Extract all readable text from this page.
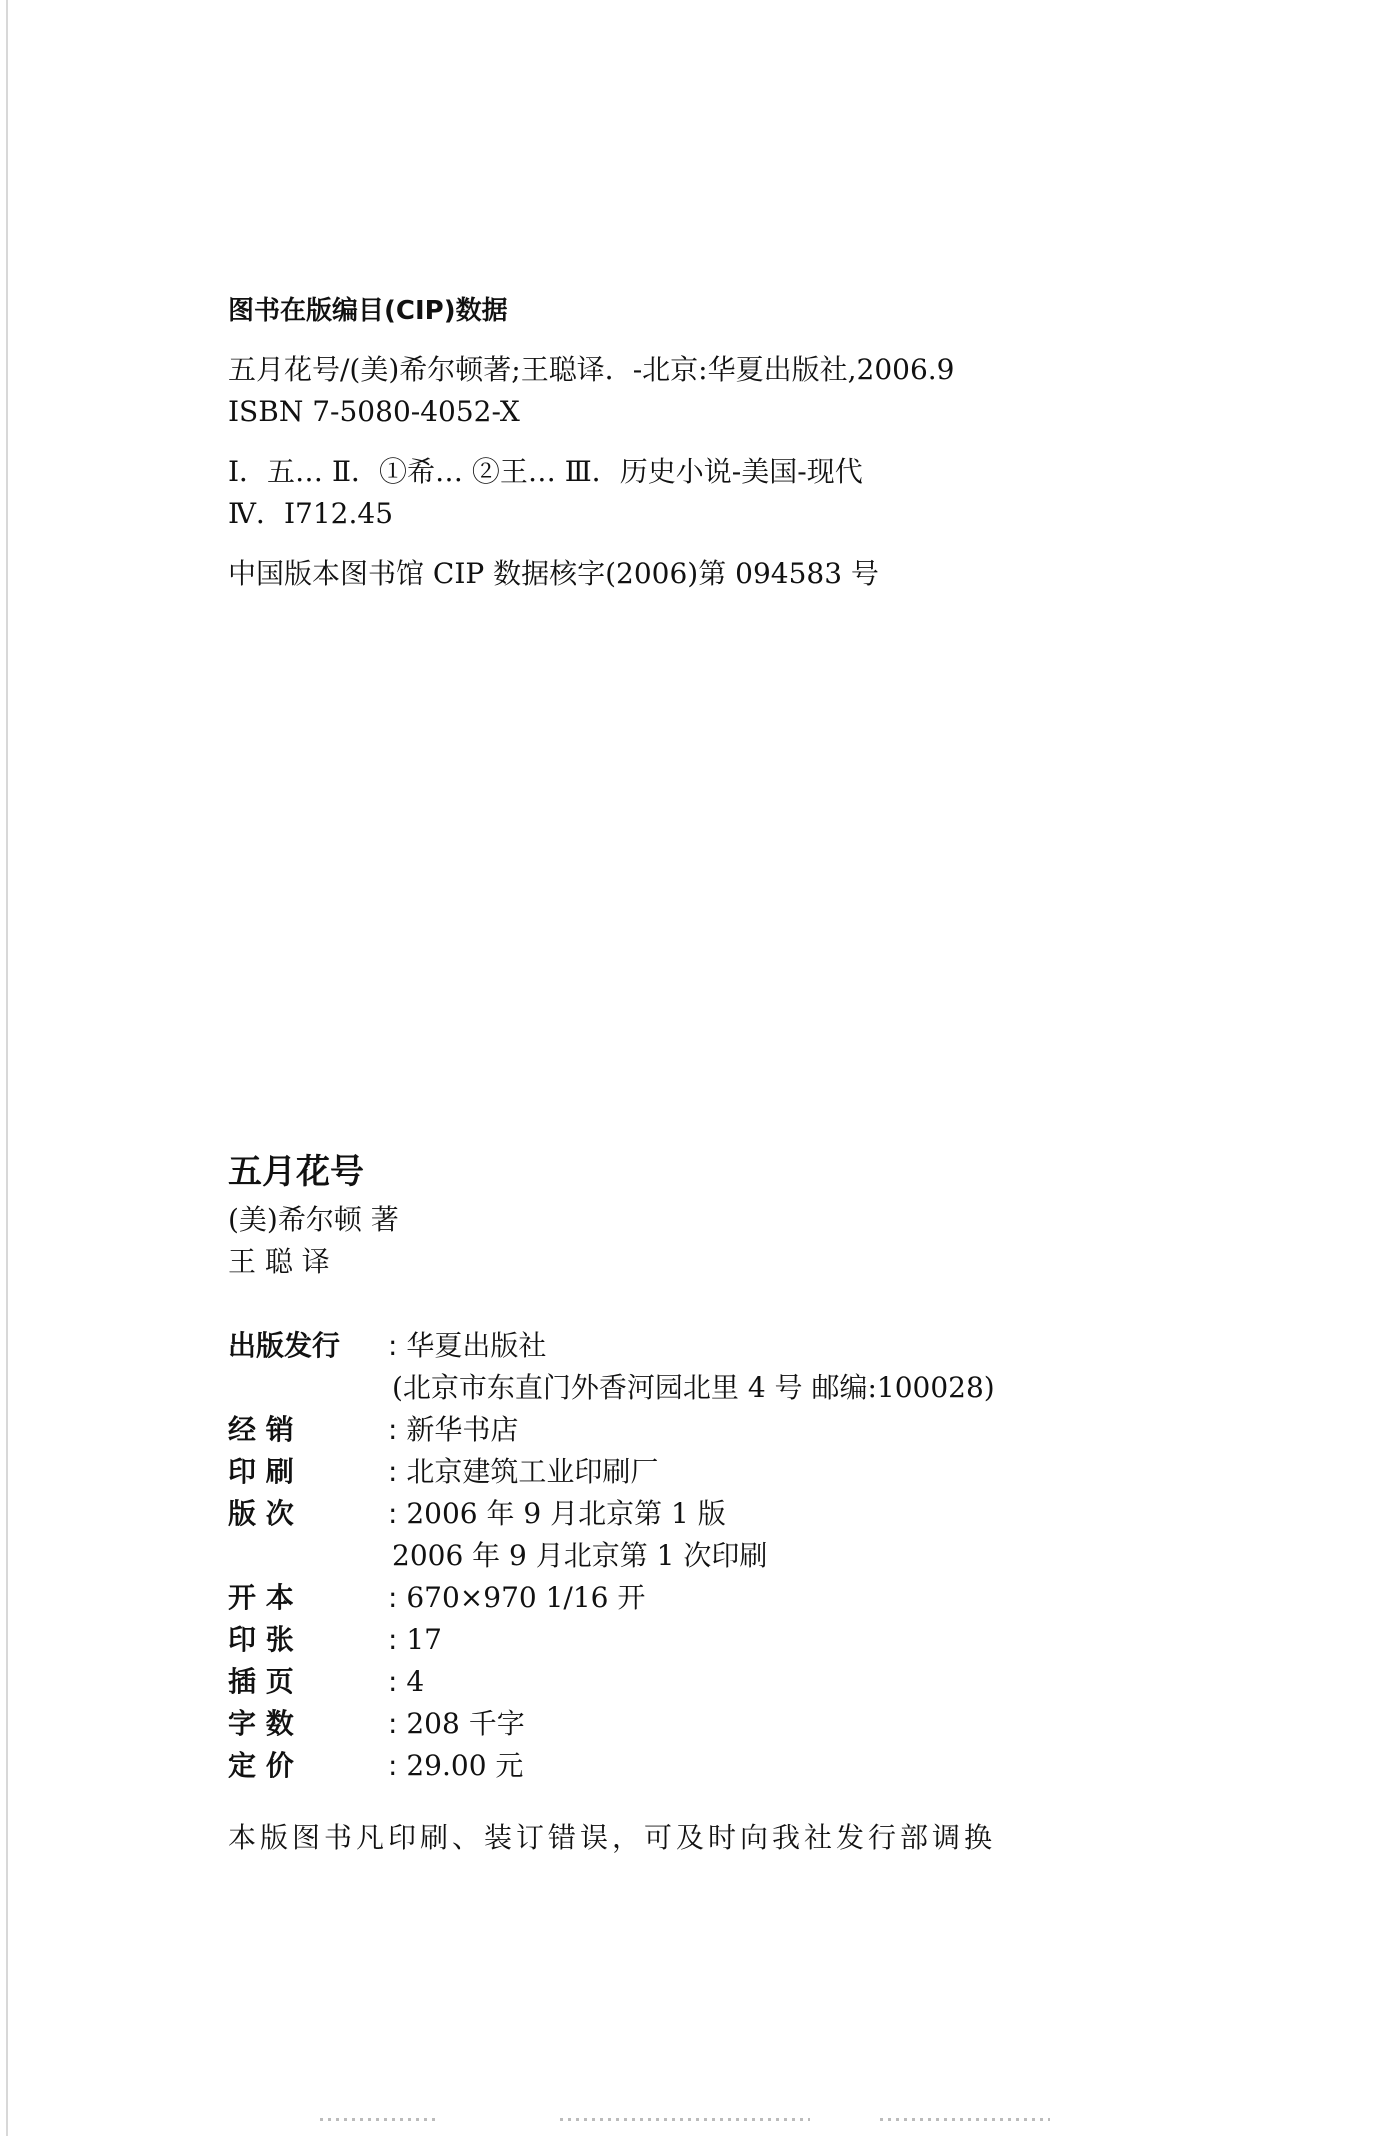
图书在版编目(CIP)数据
五月花号/(美)希尔顿著;王聪译．-北京:华夏出版社,2006.9
ISBN 7-5080-4052-X
Ⅰ．五… Ⅱ．①希… ②王… Ⅲ．历史小说-美国-现代
Ⅳ．I712.45
中国版本图书馆 CIP 数据核字(2006)第 094583 号
五月花号
(美)希尔顿 著
王 聪 译
出版发行 : 华夏出版社
(北京市东直门外香河园北里 4 号 邮编:100028)
经 销	: 新华书店
印 刷	: 北京建筑工业印刷厂
版 次	: 2006 年 9 月北京第 1 版
2006 年 9 月北京第 1 次印刷
开 本	: 670×970 1/16 开
印 张	: 17
插 页	: 4
字 数	: 208 千字
定 价	: 29.00 元
本版图书凡印刷、装订错误，可及时向我社发行部调换
